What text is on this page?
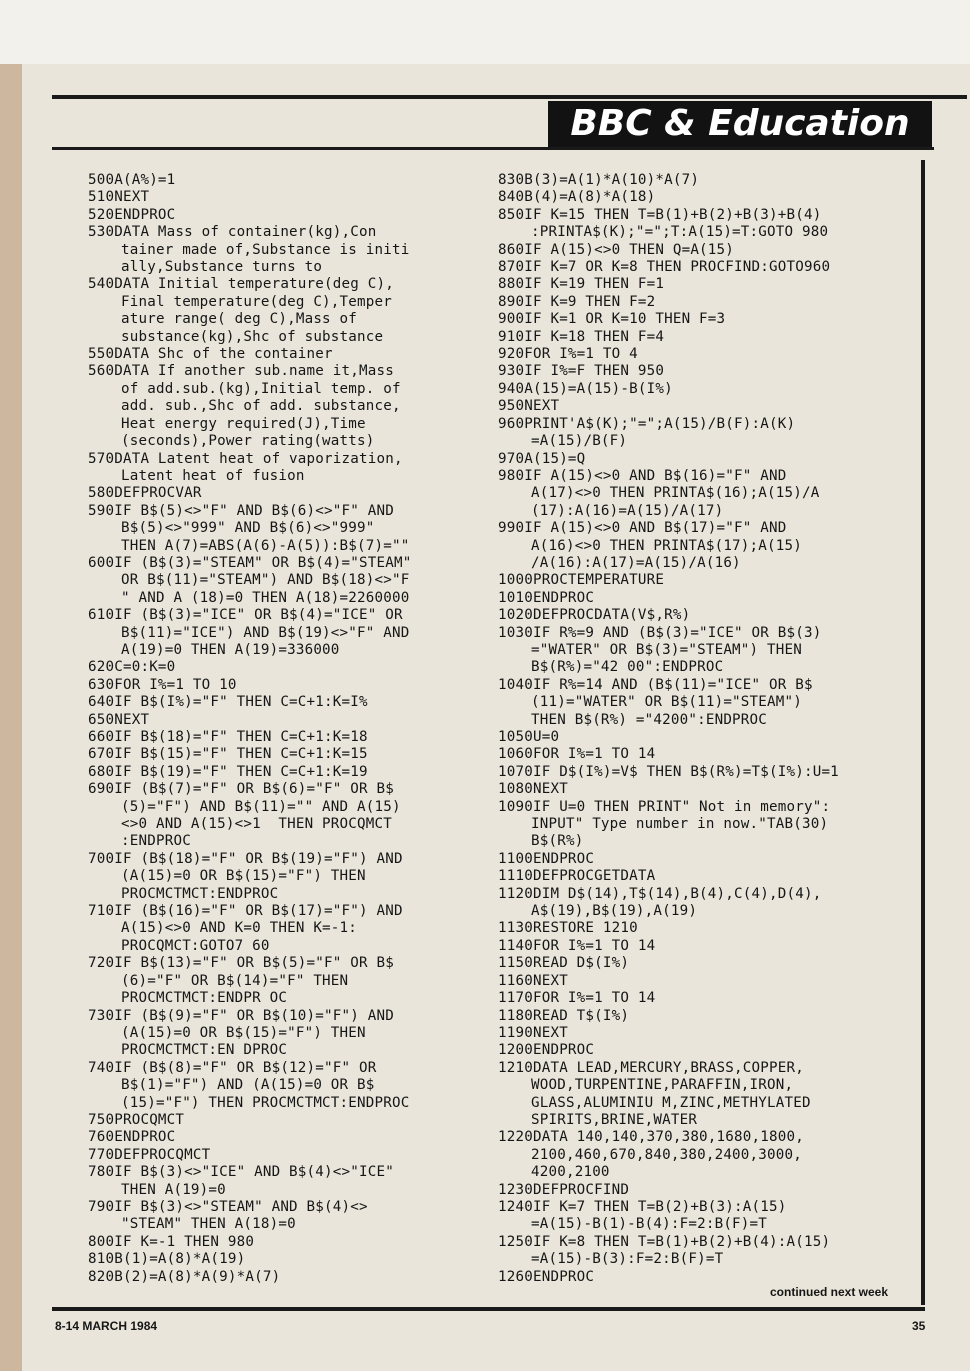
BBC & Education
500A(A%)=1
510NEXT
520ENDPROC
530DATA Mass of container(kg),Con
tainer made of,Substance is initi
ally,Substance turns to
540DATA Initial temperature(deg C),
Final temperature(deg C),Temper
ature range( deg C),Mass of
substance(kg),Shc of substance
550DATA Shc of the container
560DATA If another sub.name it,Mass
of add.sub.(kg),Initial temp. of
add. sub.,Shc of add. substance,
Heat energy required(J),Time
(seconds),Power rating(watts)
570DATA Latent heat of vaporization,
Latent heat of fusion
580DEFPROCVAR
590IF B$(5)<>"F" AND B$(6)<>"F" AND
B$(5)<>"999" AND B$(6)<>"999"
THEN A(7)=ABS(A(6)-A(5)):B$(7)=""
600IF (B$(3)="STEAM" OR B$(4)="STEAM"
OR B$(11)="STEAM") AND B$(18)<>"F
" AND A (18)=0 THEN A(18)=2260000
610IF (B$(3)="ICE" OR B$(4)="ICE" OR
B$(11)="ICE") AND B$(19)<>"F" AND
A(19)=0 THEN A(19)=336000
620C=0:K=0
630FOR I%=1 TO 10
640IF B$(I%)="F" THEN C=C+1:K=I%
650NEXT
660IF B$(18)="F" THEN C=C+1:K=18
670IF B$(15)="F" THEN C=C+1:K=15
680IF B$(19)="F" THEN C=C+1:K=19
690IF (B$(7)="F" OR B$(6)="F" OR B$
(5)="F") AND B$(11)="" AND A(15)
<>0 AND A(15)<>1  THEN PROCQMCT
:ENDPROC
700IF (B$(18)="F" OR B$(19)="F") AND
(A(15)=0 OR B$(15)="F") THEN
PROCMCTMCT:ENDPROC
710IF (B$(16)="F" OR B$(17)="F") AND
A(15)<>0 AND K=0 THEN K=-1:
PROCQMCT:GOTO7 60
720IF B$(13)="F" OR B$(5)="F" OR B$
(6)="F" OR B$(14)="F" THEN
PROCMCTMCT:ENDPR OC
730IF (B$(9)="F" OR B$(10)="F") AND
(A(15)=0 OR B$(15)="F") THEN
PROCMCTMCT:EN DPROC
740IF (B$(8)="F" OR B$(12)="F" OR
B$(1)="F") AND (A(15)=0 OR B$
(15)="F") THEN PROCMCTMCT:ENDPROC
750PROCQMCT
760ENDPROC
770DEFPROCQMCT
780IF B$(3)<>"ICE" AND B$(4)<>"ICE"
THEN A(19)=0
790IF B$(3)<>"STEAM" AND B$(4)<>
"STEAM" THEN A(18)=0
800IF K=-1 THEN 980
810B(1)=A(8)*A(19)
820B(2)=A(8)*A(9)*A(7)
830B(3)=A(1)*A(10)*A(7)
840B(4)=A(8)*A(18)
850IF K=15 THEN T=B(1)+B(2)+B(3)+B(4)
:PRINTA$(K);"=";T:A(15)=T:GOTO 980
860IF A(15)<>0 THEN Q=A(15)
870IF K=7 OR K=8 THEN PROCFIND:GOTO960
880IF K=19 THEN F=1
890IF K=9 THEN F=2
900IF K=1 OR K=10 THEN F=3
910IF K=18 THEN F=4
920FOR I%=1 TO 4
930IF I%=F THEN 950
940A(15)=A(15)-B(I%)
950NEXT
960PRINT'A$(K);"=";A(15)/B(F):A(K)
=A(15)/B(F)
970A(15)=Q
980IF A(15)<>0 AND B$(16)="F" AND
A(17)<>0 THEN PRINTA$(16);A(15)/A
(17):A(16)=A(15)/A(17)
990IF A(15)<>0 AND B$(17)="F" AND
A(16)<>0 THEN PRINTA$(17);A(15)
/A(16):A(17)=A(15)/A(16)
1000PROCTEMPERATURE
1010ENDPROC
1020DEFPROCDATA(V$,R%)
1030IF R%=9 AND (B$(3)="ICE" OR B$(3)
="WATER" OR B$(3)="STEAM") THEN
B$(R%)="42 00":ENDPROC
1040IF R%=14 AND (B$(11)="ICE" OR B$
(11)="WATER" OR B$(11)="STEAM")
THEN B$(R%) ="4200":ENDPROC
1050U=0
1060FOR I%=1 TO 14
1070IF D$(I%)=V$ THEN B$(R%)=T$(I%):U=1
1080NEXT
1090IF U=0 THEN PRINT" Not in memory":
INPUT" Type number in now."TAB(30)
B$(R%)
1100ENDPROC
1110DEFPROCGETDATA
1120DIM D$(14),T$(14),B(4),C(4),D(4),
A$(19),B$(19),A(19)
1130RESTORE 1210
1140FOR I%=1 TO 14
1150READ D$(I%)
1160NEXT
1170FOR I%=1 TO 14
1180READ T$(I%)
1190NEXT
1200ENDPROC
1210DATA LEAD,MERCURY,BRASS,COPPER,
WOOD,TURPENTINE,PARAFFIN,IRON,
GLASS,ALUMINIU M,ZINC,METHYLATED
SPIRITS,BRINE,WATER
1220DATA 140,140,370,380,1680,1800,
2100,460,670,840,380,2400,3000,
4200,2100
1230DEFPROCFIND
1240IF K=7 THEN T=B(2)+B(3):A(15)
=A(15)-B(1)-B(4):F=2:B(F)=T
1250IF K=8 THEN T=B(1)+B(2)+B(4):A(15)
=A(15)-B(3):F=2:B(F)=T
1260ENDPROC
continued next week
8-14 MARCH 1984	35
